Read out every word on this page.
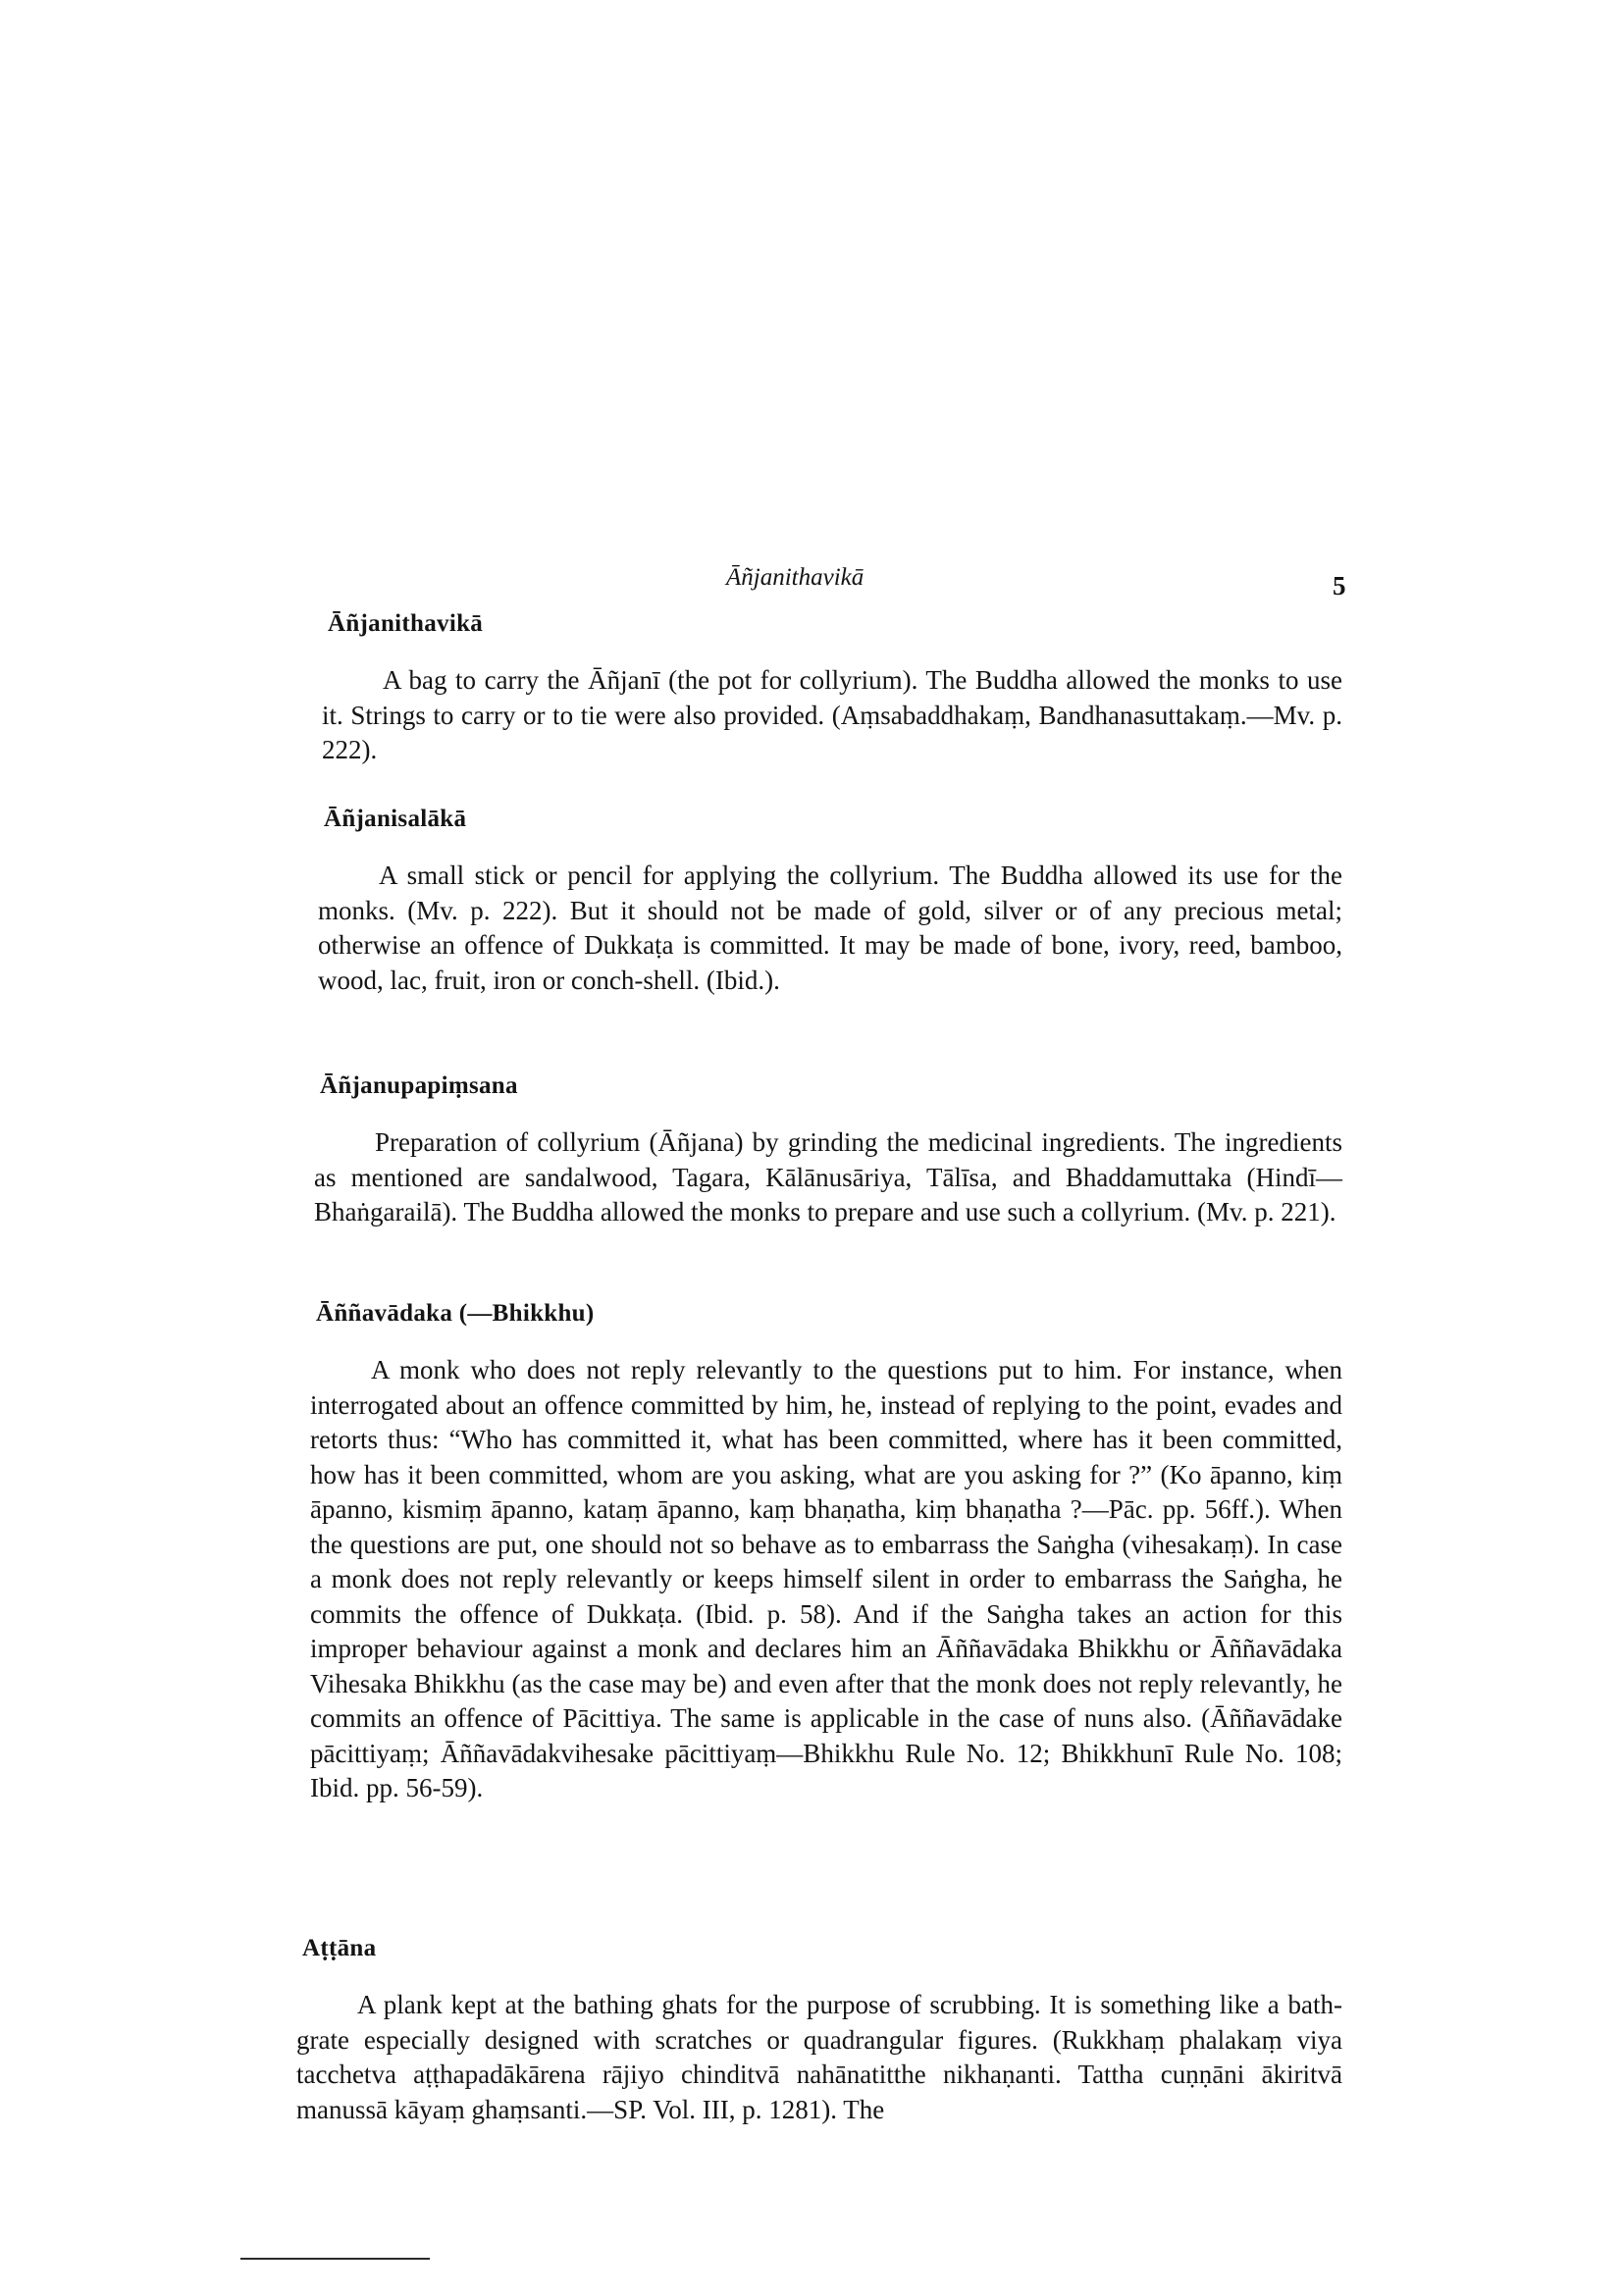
Āñjanithavikā	5
Āñjanithavikā

A bag to carry the Āñjanī (the pot for collyrium). The Buddha allowed the monks to use it. Strings to carry or to tie were also provided. (Aṃsabaddhakaṃ, Bandhanasuttakaṃ.—Mv. p. 222).

Āñjanisalākā

A small stick or pencil for applying the collyrium. The Buddha allowed its use for the monks. (Mv. p. 222). But it should not be made of gold, silver or of any precious metal; otherwise an offence of Dukkaṭa is committed. It may be made of bone, ivory, reed, bamboo, wood, lac, fruit, iron or conch-shell. (Ibid.).

Āñjanupapiṃsana

Preparation of collyrium (Āñjana) by grinding the medicinal ingredients. The ingredients as mentioned are sandalwood, Tagara, Kālānusāriya, Tālīsa, and Bhaddamuttaka (Hindī—Bhaṅgarailā). The Buddha allowed the monks to prepare and use such a collyrium. (Mv. p. 221).

Āññavādaka (—Bhikkhu)

A monk who does not reply relevantly to the questions put to him. For instance, when interrogated about an offence committed by him, he, instead of replying to the point, evades and retorts thus: “Who has committed it, what has been committed, where has it been committed, how has it been committed, whom are you asking, what are you asking for ?” (Ko āpanno, kiṃ āpanno, kismiṃ āpanno, kataṃ āpanno, kaṃ bhaṇatha, kiṃ bhaṇatha ?—Pāc. pp. 56ff.). When the questions are put, one should not so behave as to embarrass the Saṅgha (vihesakaṃ). In case a monk does not reply relevantly or keeps himself silent in order to embarrass the Saṅgha, he commits the offence of Dukkaṭa. (Ibid. p. 58). And if the Saṅgha takes an action for this improper behaviour against a monk and declares him an Āññavādaka Bhikkhu or Āññavādaka Vihesaka Bhikkhu (as the case may be) and even after that the monk does not reply relevantly, he commits an offence of Pācittiya. The same is applicable in the case of nuns also. (Āññavādake pācittiyaṃ; Āññavādakvihesake pācittiyaṃ—Bhikkhu Rule No. 12; Bhikkhunī Rule No. 108; Ibid. pp. 56-59).

Aṭṭāna

A plank kept at the bathing ghats for the purpose of scrubbing. It is something like a bath-grate especially designed with scratches or quadrangular figures. (Rukkhaṃ phalakaṃ viya tacchetva aṭṭhapadākārena rājiyo chinditvā nahānatitthe nikhaṇanti. Tattha cuṇṇāni ākiritvā manussā kāyaṃ ghaṃsanti.—SP. Vol. III, p. 1281). The
